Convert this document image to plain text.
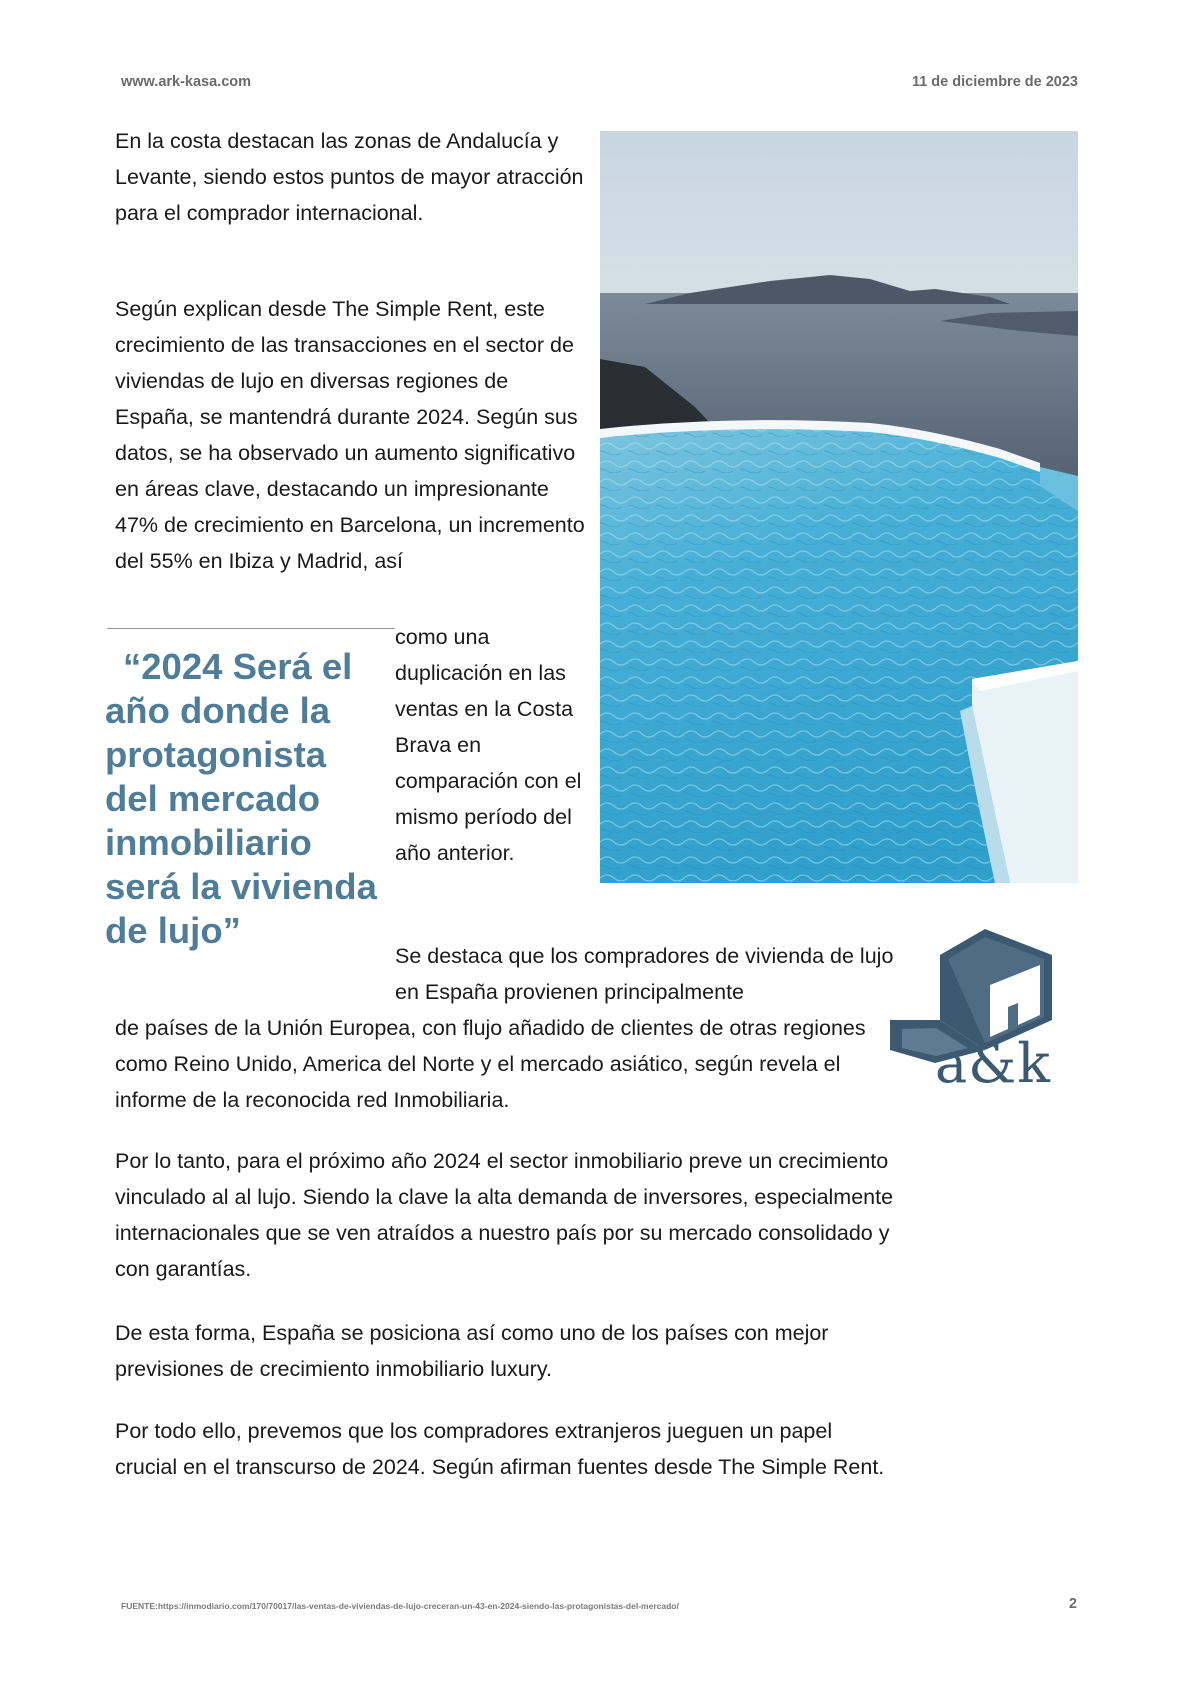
www.ark-kasa.com	11 de diciembre de 2023

En la costa destacan las zonas de Andalucía y Levante, siendo estos puntos de mayor atracción para el comprador internacional.

Según explican desde The Simple Rent, este crecimiento de las transacciones en el sector de viviendas de lujo en diversas regiones de España, se mantendrá durante 2024. Según sus datos, se ha observado un aumento significativo en áreas clave, destacando un impresionante 47% de crecimiento en Barcelona, un incremento del 55% en Ibiza y Madrid, así

como una duplicación en las ventas en la Costa Brava en comparación con el mismo período del año anterior.

“2024 Será el año donde la protagonista del mercado inmobiliario será la vivienda de lujo”

Se destaca que los compradores de vivienda de lujo en España provienen principalmente

de países de la Unión Europea, con flujo añadido de clientes de otras regiones como Reino Unido, America del Norte y el mercado asiático, según revela el informe de la reconocida red Inmobiliaria.

a&k

Por lo tanto, para el próximo año 2024 el sector inmobiliario preve un crecimiento vinculado al al lujo. Siendo la clave la alta demanda de inversores, especialmente internacionales que se ven atraídos a nuestro país por su mercado consolidado y con garantías.

De esta forma, España se posiciona así como uno de los países con mejor previsiones de crecimiento inmobiliario luxury.

Por todo ello, prevemos que los compradores extranjeros jueguen un papel crucial en el transcurso de 2024. Según afirman fuentes desde The Simple Rent.

FUENTE:https://inmodiario.com/170/70017/las-ventas-de-viviendas-de-lujo-creceran-un-43-en-2024-siendo-las-protagonistas-del-mercado/	2
